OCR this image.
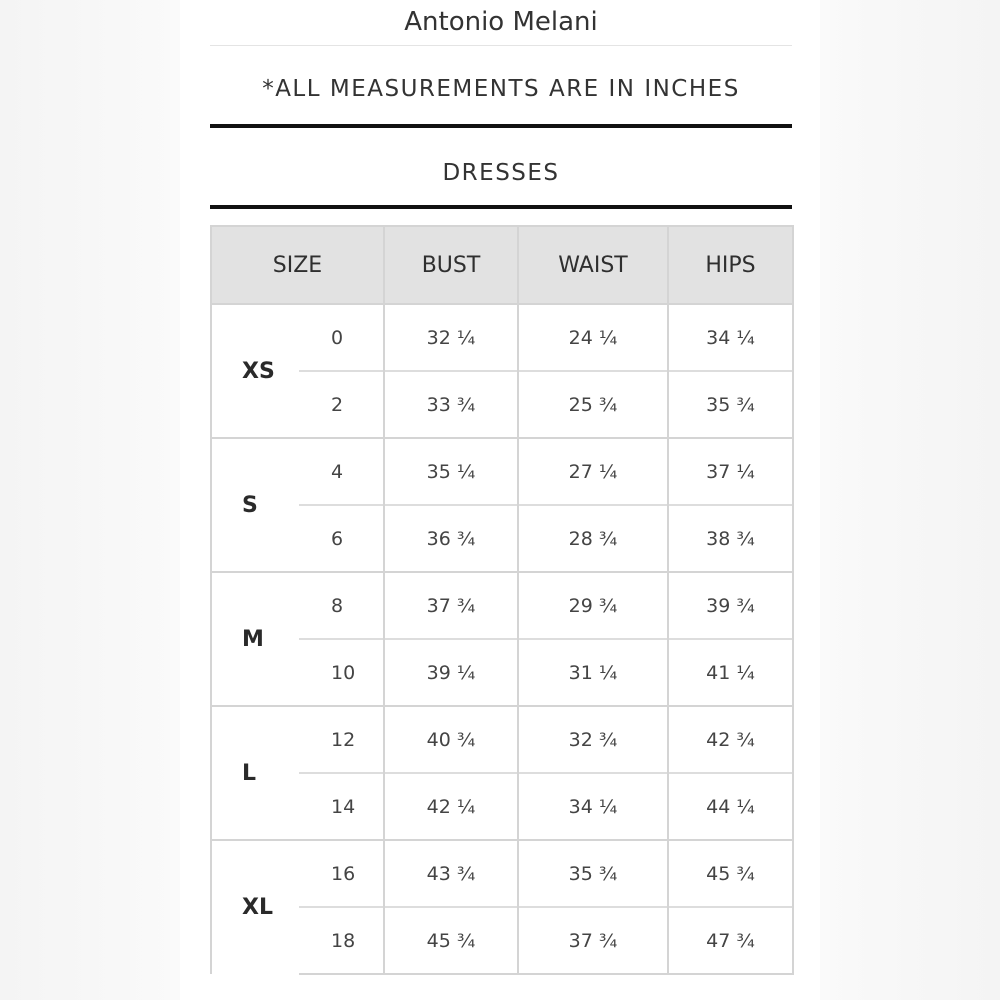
Antonio Melani
*ALL MEASUREMENTS ARE IN INCHES
DRESSES
SIZE		BUST	WAIST	HIPS
XS	0	32 ¼	24 ¼	34 ¼
	2	33 ¾	25 ¾	35 ¾
S	4	35 ¼	27 ¼	37 ¼
	6	36 ¾	28 ¾	38 ¾
M	8	37 ¾	29 ¾	39 ¾
	10	39 ¼	31 ¼	41 ¼
L	12	40 ¾	32 ¾	42 ¾
	14	42 ¼	34 ¼	44 ¼
XL	16	43 ¾	35 ¾	45 ¾
	18	45 ¾	37 ¾	47 ¾
